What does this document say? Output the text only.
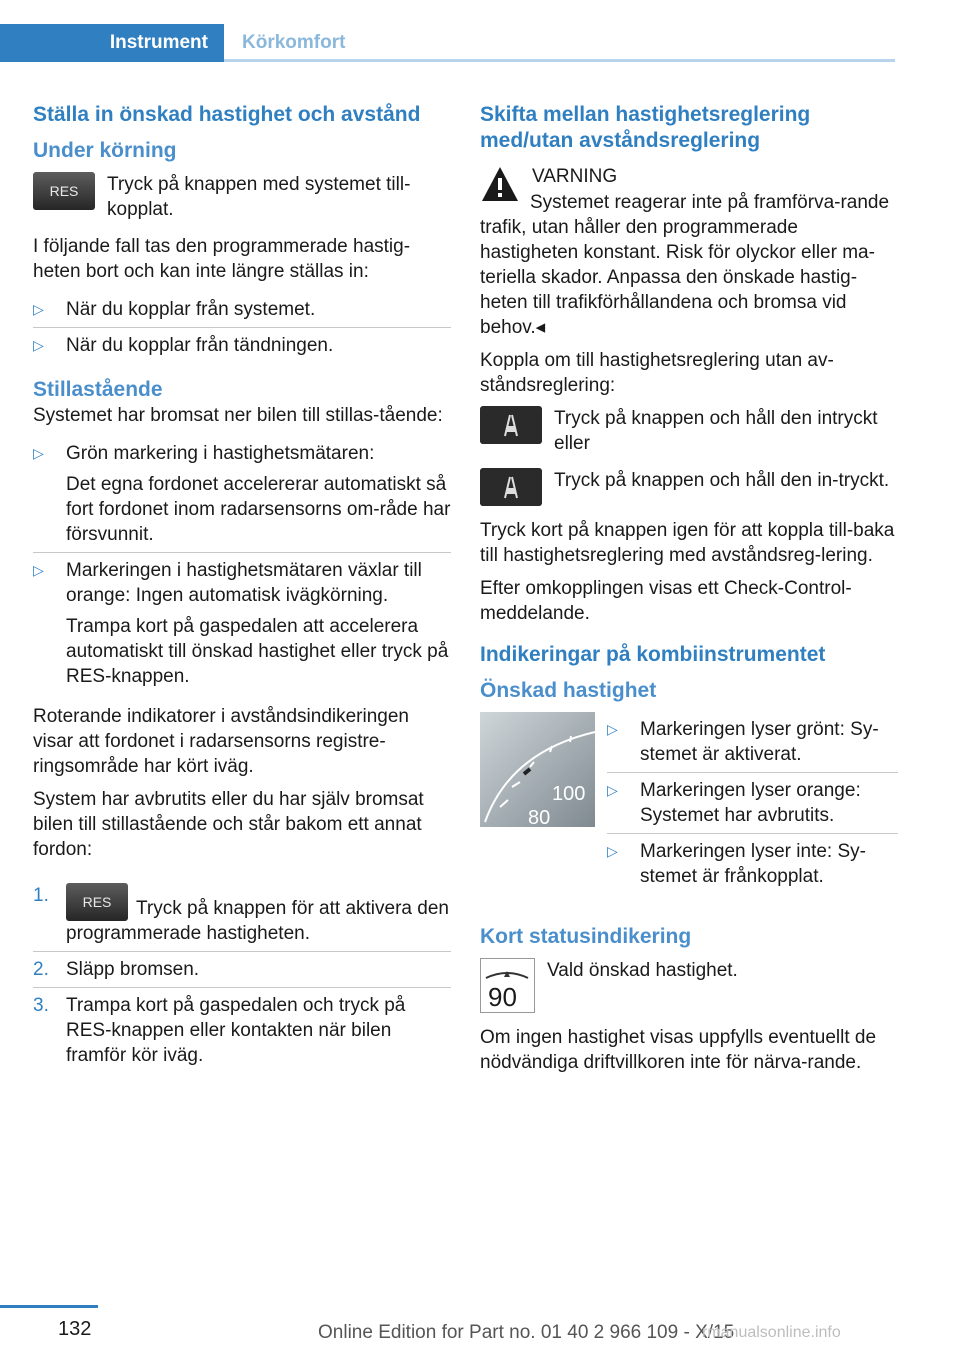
Instrument	Körkomfort
Ställa in önskad hastighet och avstånd
Under körning
RES	Tryck på knappen med systemet till-kopplat.

I följande fall tas den programmerade hastig-heten bort och kan inte längre ställas in:

▷ När du kopplar från systemet.
▷ När du kopplar från tändningen.
Stillastående

Systemet har bromsat ner bilen till stillas-tående:

▷ Grön markering i hastighetsmätaren:
Det egna fordonet accelererar automatiskt så fort fordonet inom radarsensorns om-råde har försvunnit.
▷ Markeringen i hastighetsmätaren växlar till orange: Ingen automatisk ivägkörning.
Trampa kort på gaspedalen att accelerera automatiskt till önskad hastighet eller tryck på RES-knappen.

Roterande indikatorer i avståndsindikeringen visar att fordonet i radarsensorns registre-ringsområde har kört iväg.

System har avbrutits eller du har själv bromsat bilen till stillastående och står bakom ett annat fordon:

1. RES Tryck på knappen för att aktivera den programmerade hastigheten.
2. Släpp bromsen.
3. Trampa kort på gaspedalen och tryck på RES-knappen eller kontakten när bilen framför kör iväg.
Skifta mellan hastighetsreglering med/utan avståndsreglering
VARNING

Systemet reagerar inte på framförva-rande trafik, utan håller den programmerade hastigheten konstant. Risk för olyckor eller ma-teriella skador. Anpassa den önskade hastig-heten till trafikförhållandena och bromsa vid behov.◂

Koppla om till hastighetsreglering utan av-ståndsreglering:

Tryck på knappen och håll den intryckt eller
Tryck på knappen och håll den in-tryckt.

Tryck kort på knappen igen för att koppla till-baka till hastighetsreglering med avståndsreg-lering.

Efter omkopplingen visas ett Check-Control-meddelande.

Indikeringar på kombiinstrumentet
Önskad hastighet
100
80
▷ Markeringen lyser grönt: Sy-stemet är aktiverat.
▷ Markeringen lyser orange: Systemet har avbrutits.
▷ Markeringen lyser inte: Sy-stemet är frånkopplat.
Kort statusindikering
90
Vald önskad hastighet.

Om ingen hastighet visas uppfylls eventuellt de nödvändiga driftvillkoren inte för närva-rande.

132	Online Edition for Part no. 01 40 2 966 109 - X/15
rmanualsonline.info
